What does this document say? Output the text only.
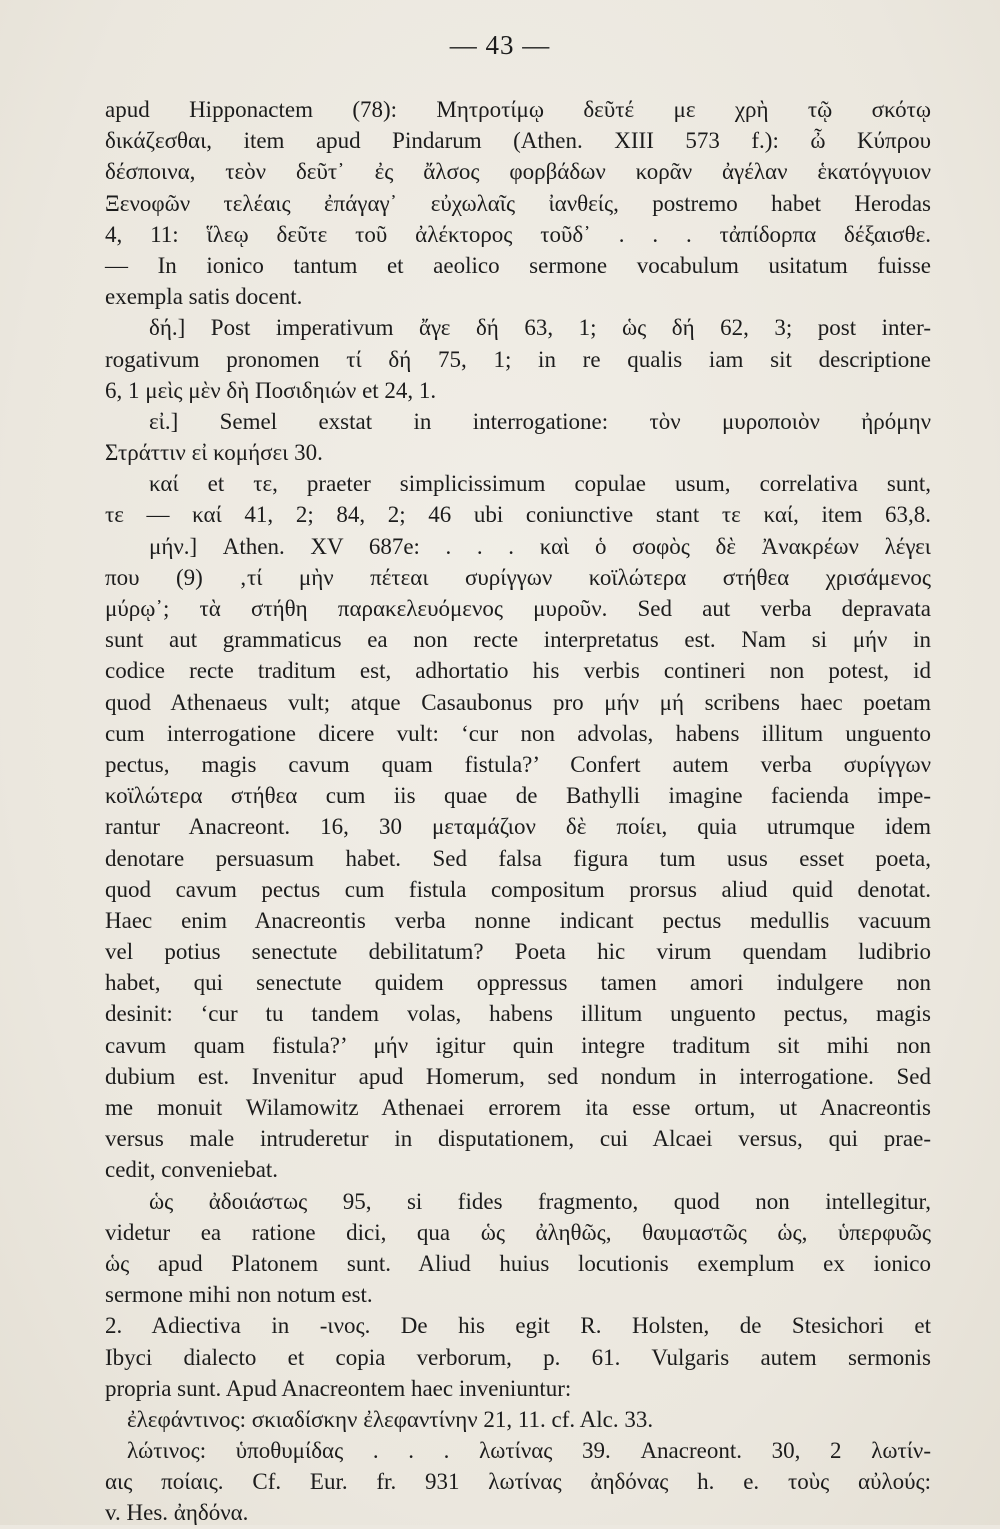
— 43 —
apud Hipponactem (78): Μητροτίμῳ δεῦτέ με χρὴ τῷ σκότῳ
δικάζεσθαι, item apud Pindarum (Athen. XIII 573 f.): ὦ Κύπρου
δέσποινα, τεὸν δεῦτ᾽ ἐς ἄλσος φορβάδων κορᾶν ἀγέλαν ἑκατόγγυιον
Ξενοφῶν τελέαις ἐπάγαγ᾽ εὐχωλαῖς ἰανθείς, postremo habet Herodas
4, 11: ἵλεῳ δεῦτε τοῦ ἀλέκτορος τοῦδ᾽ . . . τἀπίδορπα δέξαισθε.
— In ionico tantum et aeolico sermone vocabulum usitatum fuisse
exempla satis docent.
δή.] Post imperativum ἄγε δή 63, 1; ὡς δή 62, 3; post inter-
rogativum pronomen τί δή 75, 1; in re qualis iam sit descriptione
6, 1 μεὶς μὲν δὴ Ποσιδηιών et 24, 1.
εἰ.] Semel exstat in interrogatione: τὸν μυροποιὸν ἠρόμην
Στράττιν εἰ κομήσει 30.
καί et τε, praeter simplicissimum copulae usum, correlativa sunt,
τε — καί 41, 2; 84, 2; 46 ubi coniunctive stant τε καί, item 63,8.
μήν.] Athen. XV 687e: . . . καὶ ὁ σοφὸς δὲ Ἀνακρέων λέγει
που (9) ‚τί μὴν πέτεαι συρίγγων κοϊλώτερα στήθεα χρισάμενος
μύρῳ᾽; τὰ στήθη παρακελευόμενος μυροῦν. Sed aut verba depravata
sunt aut grammaticus ea non recte interpretatus est. Nam si μήν in
codice recte traditum est, adhortatio his verbis contineri non potest, id
quod Athenaeus vult; atque Casaubonus pro μήν μή scribens haec poetam
cum interrogatione dicere vult: ‘cur non advolas, habens illitum unguento
pectus, magis cavum quam fistula?’ Confert autem verba συρίγγων
κοϊλώτερα στήθεα cum iis quae de Bathylli imagine facienda impe-
rantur Anacreont. 16, 30 μεταμάζιον δὲ ποίει, quia utrumque idem
denotare persuasum habet. Sed falsa figura tum usus esset poeta,
quod cavum pectus cum fistula compositum prorsus aliud quid denotat.
Haec enim Anacreontis verba nonne indicant pectus medullis vacuum
vel potius senectute debilitatum? Poeta hic virum quendam ludibrio
habet, qui senectute quidem oppressus tamen amori indulgere non
desinit: ‘cur tu tandem volas, habens illitum unguento pectus, magis
cavum quam fistula?’ μήν igitur quin integre traditum sit mihi non
dubium est. Invenitur apud Homerum, sed nondum in interrogatione. Sed
me monuit Wilamowitz Athenaei errorem ita esse ortum, ut Anacreontis
versus male intruderetur in disputationem, cui Alcaei versus, qui prae-
cedit, conveniebat.
ὡς ἀδοιάστως 95, si fides fragmento, quod non intellegitur,
videtur ea ratione dici, qua ὡς ἀληθῶς, θαυμαστῶς ὡς, ὑπερφυῶς
ὡς apud Platonem sunt. Aliud huius locutionis exemplum ex ionico
sermone mihi non notum est.
2. Adiectiva in -ινος. De his egit R. Holsten, de Stesichori et
Ibyci dialecto et copia verborum, p. 61. Vulgaris autem sermonis
propria sunt. Apud Anacreontem haec inveniuntur:
ἐλεφάντινος: σκιαδίσκην ἐλεφαντίνην 21, 11. cf. Alc. 33.
λώτινος: ὑποθυμίδας . . . λωτίνας 39. Anacreont. 30, 2 λωτίν-
αις ποίαις. Cf. Eur. fr. 931 λωτίνας ἀηδόνας h. e. τοὺς αὐλούς:
v. Hes. ἀηδόνα.
